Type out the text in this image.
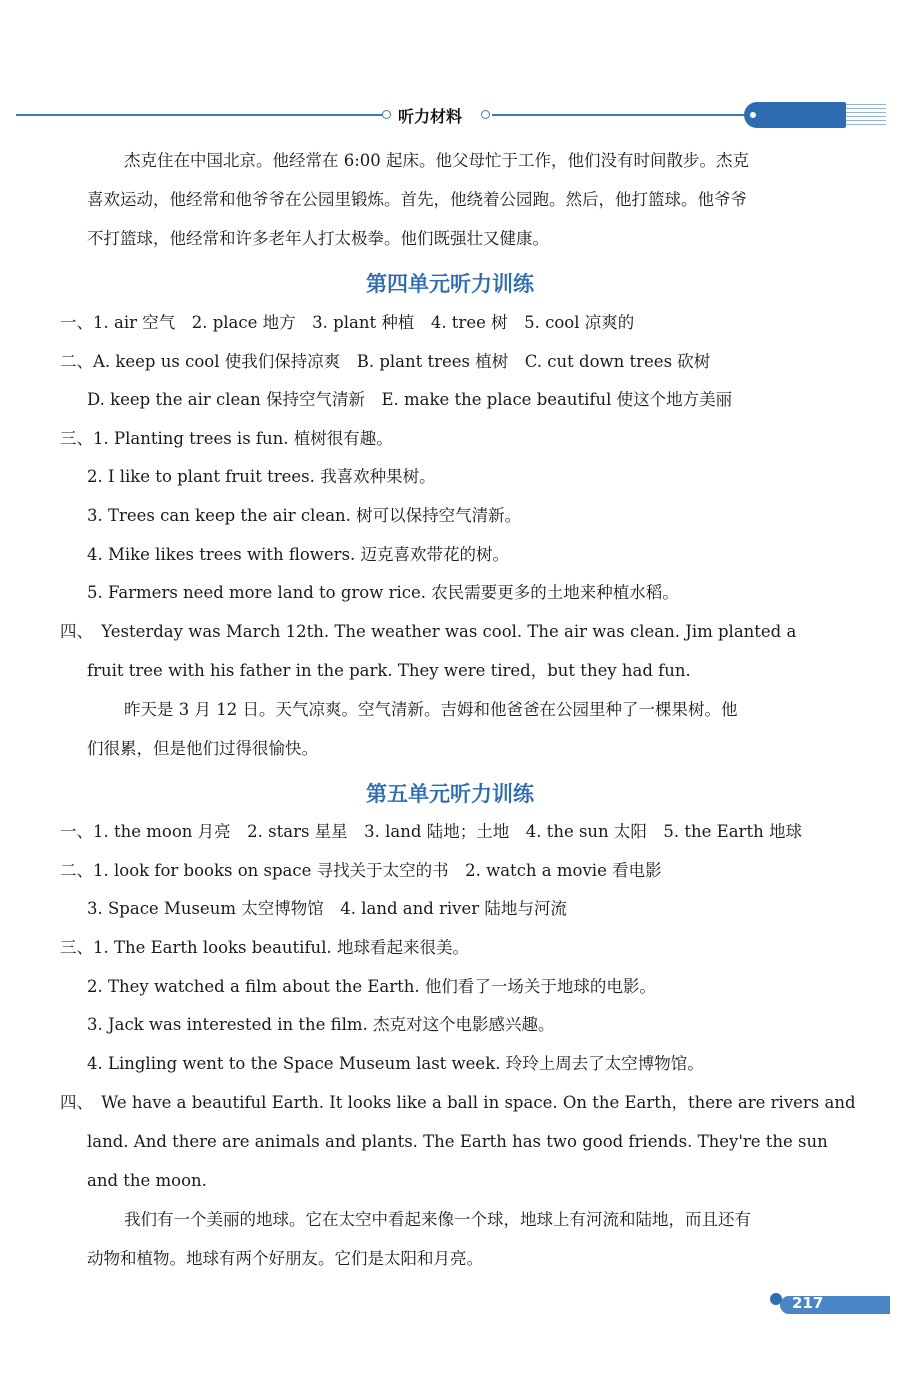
听力材料
杰克住在中国北京。他经常在 6:00 起床。他父母忙于工作，他们没有时间散步。杰克
喜欢运动，他经常和他爷爷在公园里锻炼。首先，他绕着公园跑。然后，他打篮球。他爷爷
不打篮球，他经常和许多老年人打太极拳。他们既强壮又健康。
第四单元听力训练
一、1. air 空气　2. place 地方　3. plant 种植　4. tree 树　5. cool 凉爽的
二、A. keep us cool 使我们保持凉爽　B. plant trees 植树　C. cut down trees 砍树
D. keep the air clean 保持空气清新　E. make the place beautiful 使这个地方美丽
三、1. Planting trees is fun. 植树很有趣。
2. I like to plant fruit trees. 我喜欢种果树。
3. Trees can keep the air clean. 树可以保持空气清新。
4. Mike likes trees with flowers. 迈克喜欢带花的树。
5. Farmers need more land to grow rice. 农民需要更多的土地来种植水稻。
四、　Yesterday was March 12th. The weather was cool. The air was clean. Jim planted a
fruit tree with his father in the park. They were tired，but they had fun.
昨天是 3 月 12 日。天气凉爽。空气清新。吉姆和他爸爸在公园里种了一棵果树。他
们很累，但是他们过得很愉快。
第五单元听力训练
一、1. the moon 月亮　2. stars 星星　3. land 陆地；土地　4. the sun 太阳　5. the Earth 地球
二、1. look for books on space 寻找关于太空的书　2. watch a movie 看电影
3. Space Museum 太空博物馆　4. land and river 陆地与河流
三、1. The Earth looks beautiful. 地球看起来很美。
2. They watched a film about the Earth. 他们看了一场关于地球的电影。
3. Jack was interested in the film. 杰克对这个电影感兴趣。
4. Lingling went to the Space Museum last week. 玲玲上周去了太空博物馆。
四、　We have a beautiful Earth. It looks like a ball in space. On the Earth，there are rivers and
land. And there are animals and plants. The Earth has two good friends. They're the sun
and the moon.
我们有一个美丽的地球。它在太空中看起来像一个球，地球上有河流和陆地，而且还有
动物和植物。地球有两个好朋友。它们是太阳和月亮。
217
